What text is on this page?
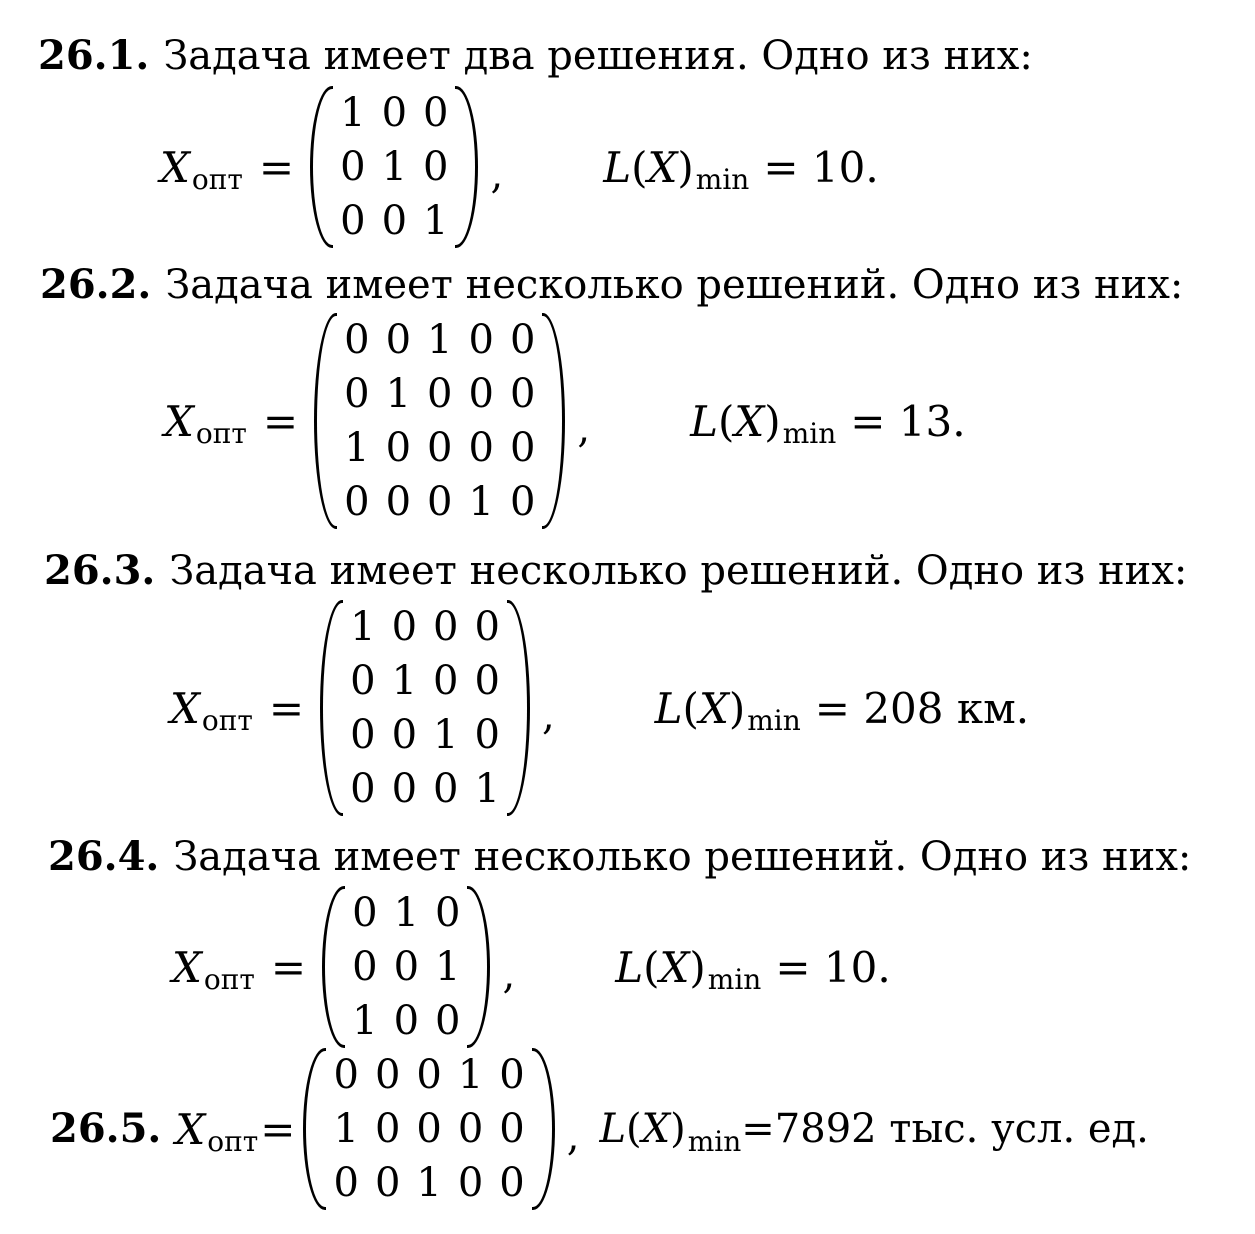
26.1. Задача имеет два решения. Одно из них:
X опт =
1	0	0
0	1	0
0	0	1
, L ( X ) min = 10.
26.2. Задача имеет несколько решений. Одно из них:
X опт =
0	0	1	0	0
0	1	0	0	0
1	0	0	0	0
0	0	0	1	0
, L ( X ) min = 13.
26.3. Задача имеет несколько решений. Одно из них:
X опт =
1	0	0	0
0	1	0	0
0	0	1	0
0	0	0	1
, L ( X ) min = 208 км.
26.4. Задача имеет несколько решений. Одно из них:
X опт =
0	1	0
0	0	1
1	0	0
, L ( X ) min = 10.
26.5. X опт =
0	0	0	1	0
1	0	0	0	0
0	0	1	0	0
, L ( X ) min =7892 тыс. усл. ед.
